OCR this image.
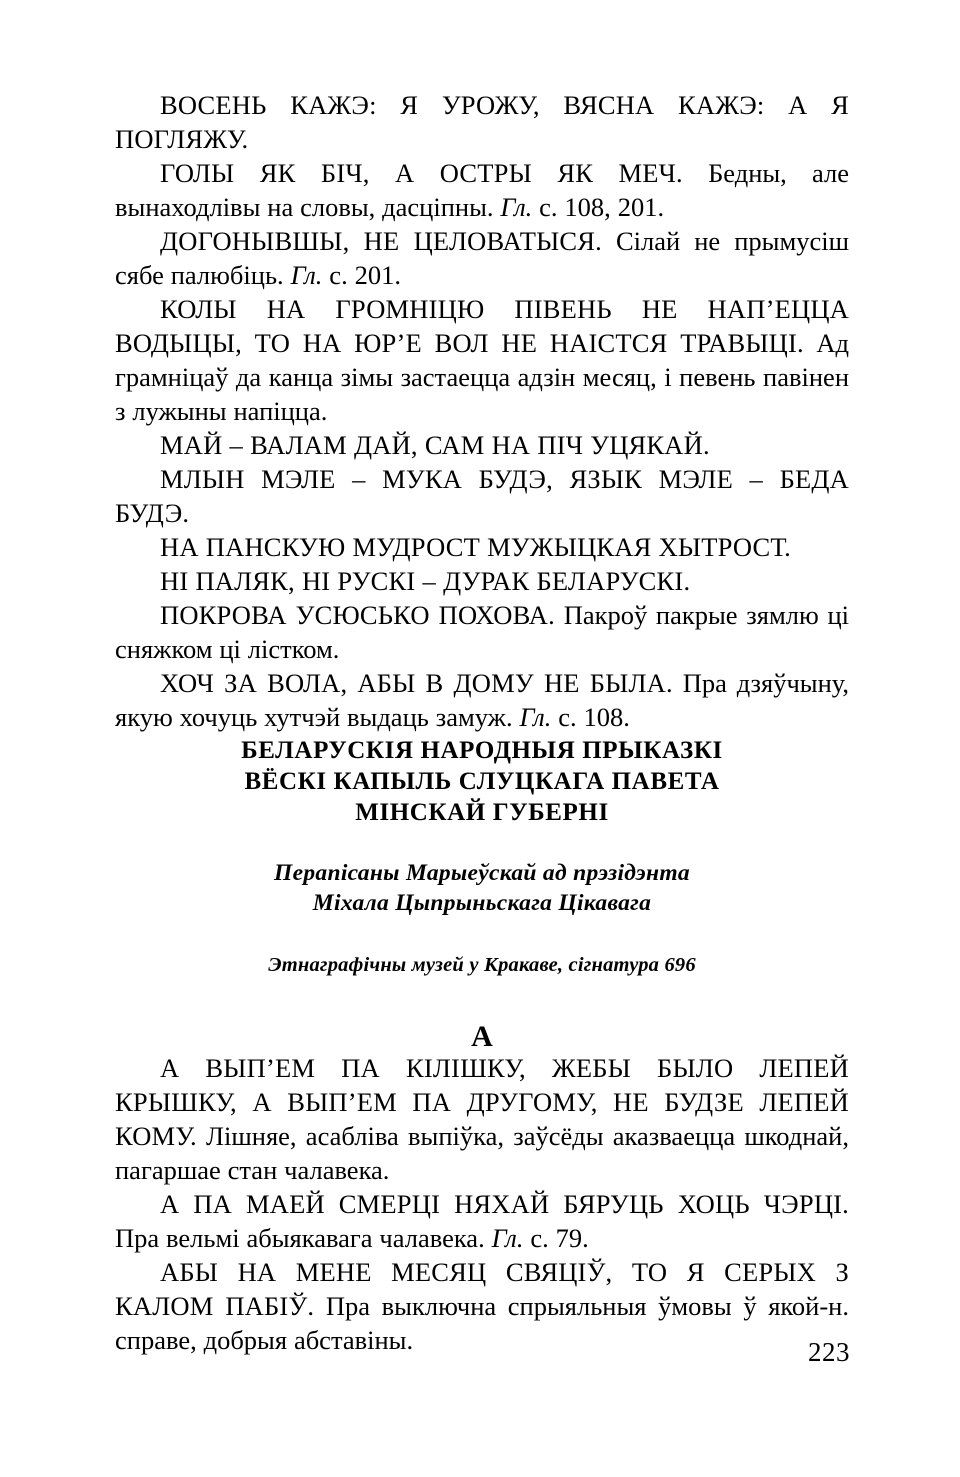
ВОСЕНЬ КАЖЭ: Я УРОЖУ, ВЯСНА КАЖЭ: А Я ПОГЛЯЖУ.

ГОЛЫ ЯК БІЧ, А ОСТРЫ ЯК МЕЧ. Бедны, але вынаходлівы на словы, дасціпны. Гл. с. 108, 201.

ДОГОНЫВШЫ, НЕ ЦЕЛОВАТЫСЯ. Сілай не прымусіш сябе палюбіць. Гл. с. 201.

КОЛЫ НА ГРОМНІЦЮ ПІВЕНЬ НЕ НАП’ЕЦЦА ВОДЫЦЫ, ТО НА ЮР’Е ВОЛ НЕ НАІСТСЯ ТРАВЫЦІ. Ад грамніцаў да канца зімы застаецца адзін месяц, і певень павінен з лужыны напіцца.

МАЙ – ВАЛАМ ДАЙ, САМ НА ПІЧ УЦЯКАЙ.

МЛЫН МЭЛЕ – МУКА БУДЭ, ЯЗЫК МЭЛЕ – БЕДА БУДЭ.

НА ПАНСКУЮ МУДРОСТ МУЖЫЦКАЯ ХЫТРОСТ.

НІ ПАЛЯК, НІ РУСКІ – ДУРАК БЕЛАРУСКІ.

ПОКРОВА УСЮСЬКО ПОХОВА. Пакроў пакрые зямлю ці сняжком ці лістком.

ХОЧ ЗА ВОЛА, АБЫ В ДОМУ НЕ БЫЛА. Пра дзяўчыну, якую хочуць хутчэй выдаць замуж. Гл. с. 108.

БЕЛАРУСКІЯ НАРОДНЫЯ ПРЫКАЗКІ

ВЁСКІ КАПЫЛЬ СЛУЦКАГА ПАВЕТА

МІНСКАЙ ГУБЕРНІ

Перапісаны Марыеўскай ад прэзідэнта

Міхала Цыпрыньскага Цікавага

Этнаграфічны музей у Кракаве, сігнатура 696

А

А ВЫП’ЕМ ПА КІЛІШКУ, ЖЕБЫ БЫЛО ЛЕПЕЙ КРЫШКУ, А ВЫП’ЕМ ПА ДРУГОМУ, НЕ БУДЗЕ ЛЕПЕЙ КОМУ. Лішняе, асабліва выпіўка, заўсёды аказваецца шкоднай, пагаршае стан чалавека.

А ПА МАЕЙ СМЕРЦІ НЯХАЙ БЯРУЦЬ ХОЦЬ ЧЭРЦІ. Пра вельмі абыякавага чалавека. Гл. с. 79.

АБЫ НА МЕНЕ МЕСЯЦ СВЯЦІЎ, ТО Я СЕРЫХ З КАЛОМ ПАБІЎ. Пра выключна спрыяльныя ўмовы ў якой-н. справе, добрыя абставіны.	223
